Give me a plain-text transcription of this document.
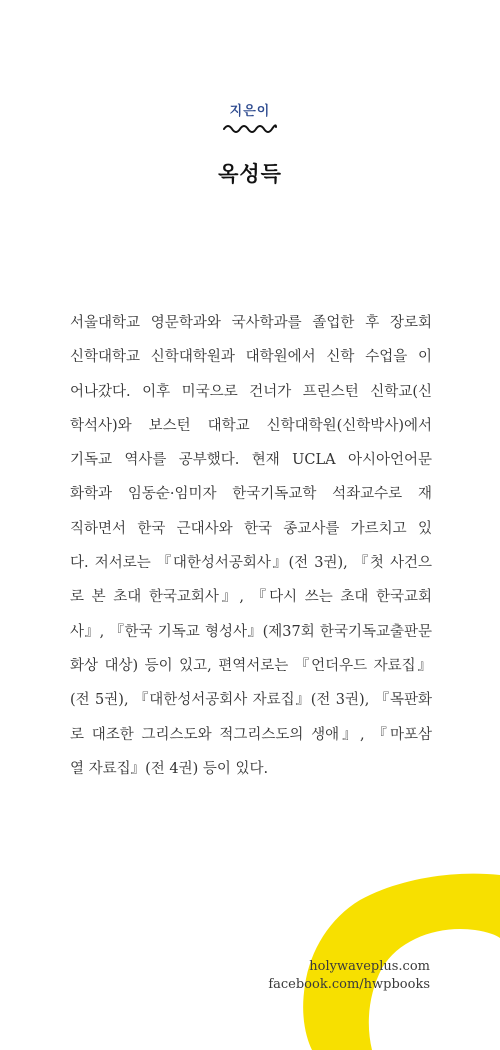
지은이
옥성득
서울대학교 영문학과와 국사학과를 졸업한 후 장로회
신학대학교 신학대학원과 대학원에서 신학 수업을 이
어나갔다. 이후 미국으로 건너가 프린스턴 신학교(신
학석사)와 보스턴 대학교 신학대학원(신학박사)에서
기독교 역사를 공부했다. 현재 UCLA 아시아언어문
화학과 임동순·임미자 한국기독교학 석좌교수로 재
직하면서 한국 근대사와 한국 종교사를 가르치고 있
다. 저서로는 『대한성서공회사』(전 3권), 『첫 사건으
로 본 초대 한국교회사』, 『다시 쓰는 초대 한국교회
사』, 『한국 기독교 형성사』(제37회 한국기독교출판문
화상 대상) 등이 있고, 편역서로는 『언더우드 자료집』
(전 5권), 『대한성서공회사 자료집』(전 3권), 『목판화
로 대조한 그리스도와 적그리스도의 생애』, 『마포삼
열 자료집』(전 4권) 등이 있다.
holywaveplus.com
facebook.com/hwpbooks
